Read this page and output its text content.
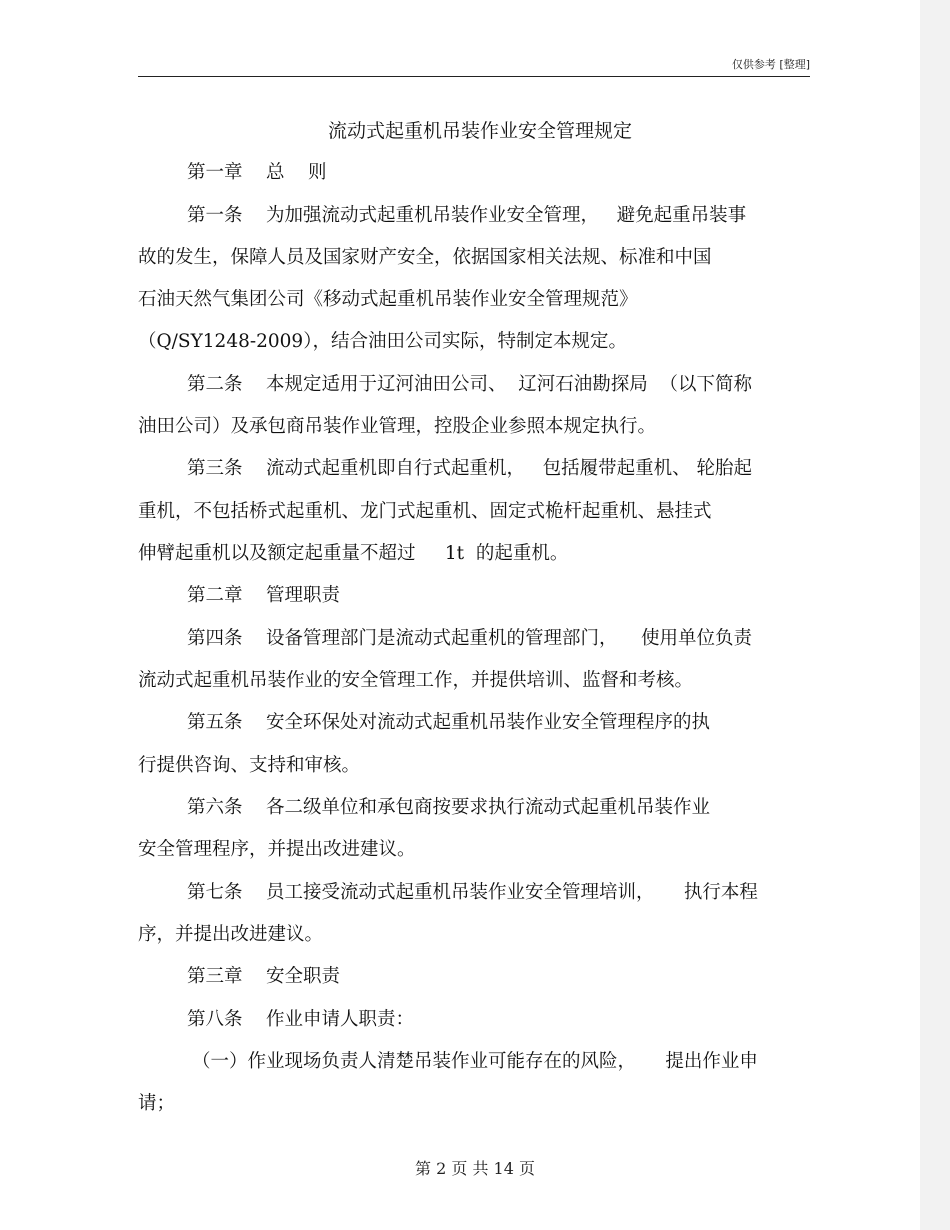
仅供参考 [整理]
流动式起重机吊装作业安全管理规定
第一章    总    则
第一条    为加强流动式起重机吊装作业安全管理，   避免起重吊装事
故的发生，保障人员及国家财产安全，依据国家相关法规、标准和中国
石油天然气集团公司《移动式起重机吊装作业安全管理规范》
（Q/SY1248-2009），结合油田公司实际，特制定本规定。
第二条    本规定适用于辽河油田公司、  辽河石油勘探局  （以下简称
油田公司）及承包商吊装作业管理，控股企业参照本规定执行。
第三条    流动式起重机即自行式起重机，   包括履带起重机、 轮胎起
重机，不包括桥式起重机、龙门式起重机、固定式桅杆起重机、悬挂式
伸臂起重机以及额定起重量不超过     1t  的起重机。
第二章    管理职责
第四条    设备管理部门是流动式起重机的管理部门，    使用单位负责
流动式起重机吊装作业的安全管理工作，并提供培训、监督和考核。
第五条    安全环保处对流动式起重机吊装作业安全管理程序的执
行提供咨询、支持和审核。
第六条    各二级单位和承包商按要求执行流动式起重机吊装作业
安全管理程序，并提出改进建议。
第七条    员工接受流动式起重机吊装作业安全管理培训，     执行本程
序，并提出改进建议。
第三章    安全职责
第八条    作业申请人职责：
（一）作业现场负责人清楚吊装作业可能存在的风险，     提出作业申
请；
第 2 页 共 14 页
